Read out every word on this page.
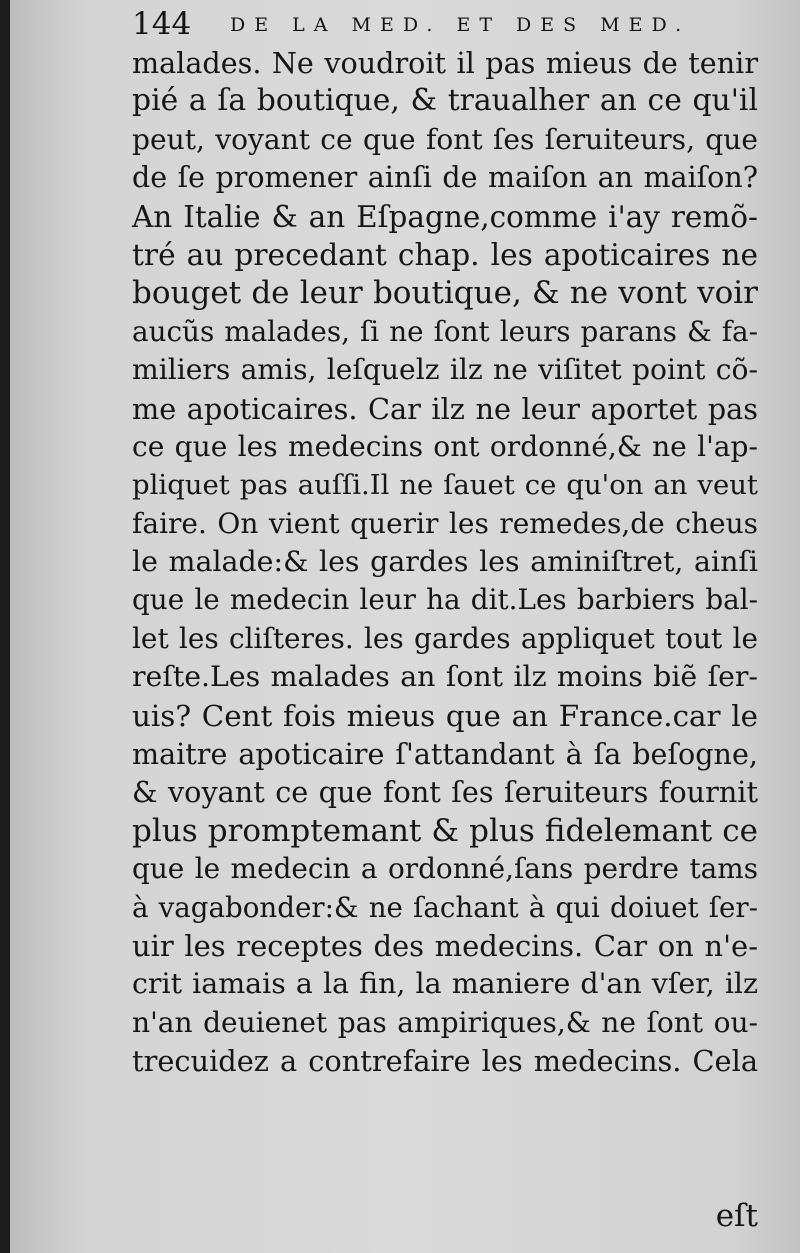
144 DE LA MED. ET DES MED.
malades. Ne voudroit il pas mieus de tenir
pié a ſa boutique, & traualher an ce qu'il
peut, voyant ce que font ſes ſeruiteurs, que
de ſe promener ainſi de maiſon an maiſon?
An Italie & an Eſpagne,comme i'ay remõ-
tré au precedant chap. les apoticaires ne
bouget de leur boutique, & ne vont voir
aucũs malades, ſi ne ſont leurs parans & fa-
miliers amis, leſquelz ilz ne viſitet point cõ-
me apoticaires. Car ilz ne leur aportet pas
ce que les medecins ont ordonné,& ne l'ap-
pliquet pas auſſi.Il ne ſauet ce qu'on an veut
faire. On vient querir les remedes,de cheus
le malade:& les gardes les aminiſtret, ainſi
que le medecin leur ha dit.Les barbiers bal-
let les cliſteres. les gardes appliquet tout le
reſte.Les malades an ſont ilz moins biẽ ſer-
uis? Cent fois mieus que an France.car le
maitre apoticaire ſ'attandant à ſa beſogne,
& voyant ce que font ſes ſeruiteurs fournit
plus promptemant & plus fidelemant ce
que le medecin a ordonné,ſans perdre tams
à vagabonder:& ne ſachant à qui doiuet ſer-
uir les receptes des medecins. Car on n'e-
crit iamais a la fin, la maniere d'an vſer, ilz
n'an deuienet pas ampiriques,& ne ſont ou-
trecuidez a contrefaire les medecins. Cela
eſt
